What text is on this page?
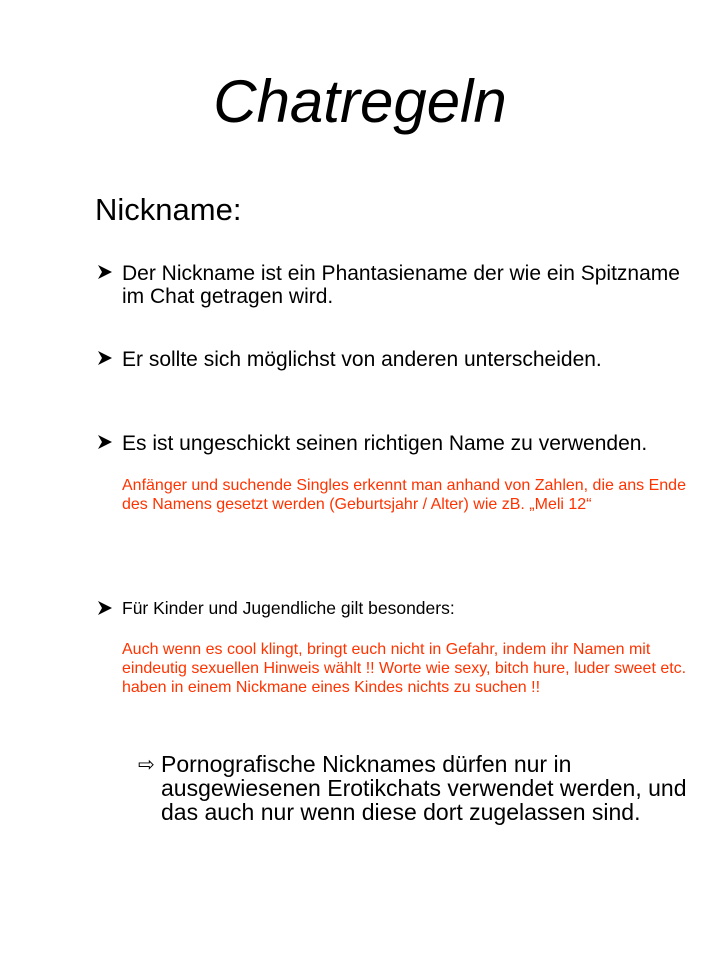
Chatregeln
Nickname:
Der Nickname ist ein Phantasiename der wie ein Spitzname im Chat getragen wird.
Er sollte sich möglichst von anderen unterscheiden.
Es ist ungeschickt seinen richtigen Name zu verwenden.
Anfänger und suchende Singles erkennt man anhand von Zahlen, die ans Ende des Namens gesetzt werden (Geburtsjahr / Alter) wie zB. „Meli 12“
Für Kinder und Jugendliche gilt besonders:
Auch wenn es cool klingt, bringt euch nicht in Gefahr, indem ihr Namen mit eindeutig sexuellen Hinweis wählt !! Worte wie sexy, bitch hure, luder sweet etc. haben in einem Nickmane eines Kindes nichts zu suchen !!
⇨ Pornografische Nicknames dürfen nur in ausgewiesenen Erotikchats verwendet werden, und das auch nur wenn diese dort zugelassen sind.
